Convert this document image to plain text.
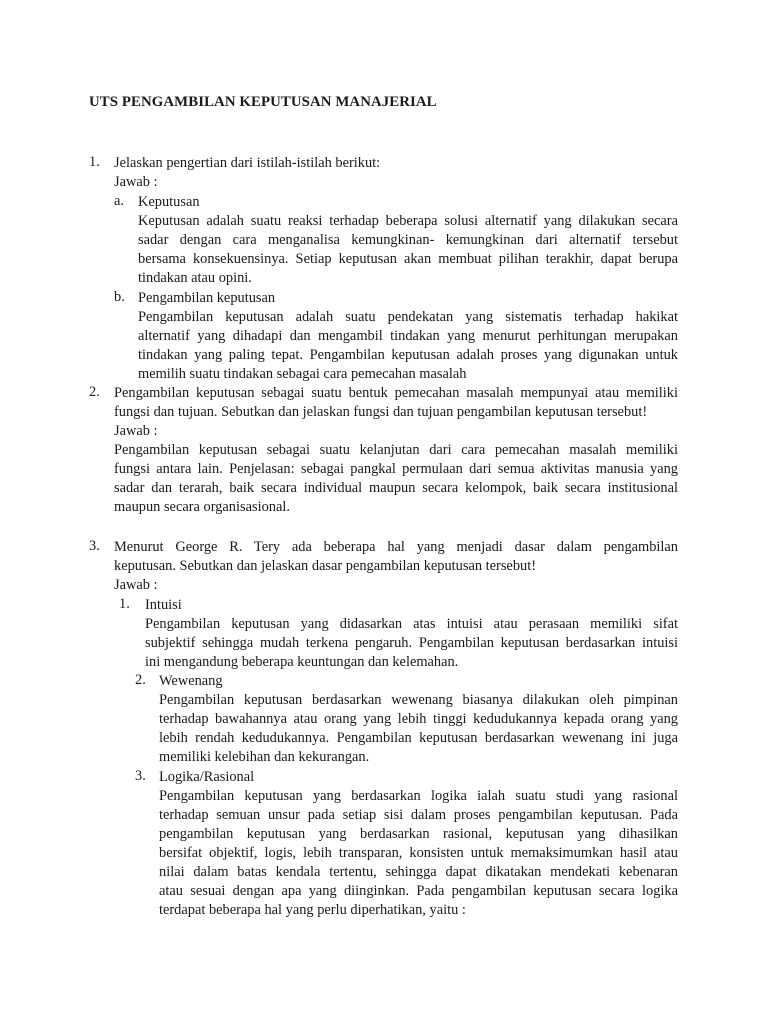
UTS PENGAMBILAN KEPUTUSAN MANAJERIAL
1. Jelaskan pengertian dari istilah-istilah berikut:
Jawab :
a. Keputusan
Keputusan adalah suatu reaksi terhadap beberapa solusi alternatif yang dilakukan secara
sadar dengan cara menganalisa kemungkinan- kemungkinan dari alternatif tersebut
bersama konsekuensinya. Setiap keputusan akan membuat pilihan terakhir, dapat berupa
tindakan atau opini.
b. Pengambilan keputusan
Pengambilan keputusan adalah suatu pendekatan yang sistematis terhadap hakikat
alternatif yang dihadapi dan mengambil tindakan yang menurut perhitungan merupakan
tindakan yang paling tepat. Pengambilan keputusan adalah proses yang digunakan untuk
memilih suatu tindakan sebagai cara pemecahan masalah
2. Pengambilan keputusan sebagai suatu bentuk pemecahan masalah mempunyai atau memiliki
fungsi dan tujuan. Sebutkan dan jelaskan fungsi dan tujuan pengambilan keputusan tersebut!
Jawab :
Pengambilan keputusan sebagai suatu kelanjutan dari cara pemecahan masalah memiliki
fungsi antara lain. Penjelasan: sebagai pangkal permulaan dari semua aktivitas manusia yang
sadar dan terarah, baik secara individual maupun secara kelompok, baik secara institusional
maupun secara organisasional.
3. Menurut George R. Tery ada beberapa hal yang menjadi dasar dalam pengambilan
keputusan. Sebutkan dan jelaskan dasar pengambilan keputusan tersebut!
Jawab :
1. Intuisi
Pengambilan keputusan yang didasarkan atas intuisi atau perasaan memiliki sifat
subjektif sehingga mudah terkena pengaruh. Pengambilan keputusan berdasarkan intuisi
ini mengandung beberapa keuntungan dan kelemahan.
2. Wewenang
Pengambilan keputusan berdasarkan wewenang biasanya dilakukan oleh pimpinan
terhadap bawahannya atau orang yang lebih tinggi kedudukannya kepada orang yang
lebih rendah kedudukannya. Pengambilan keputusan berdasarkan wewenang ini juga
memiliki kelebihan dan kekurangan.
3. Logika/Rasional
Pengambilan keputusan yang berdasarkan logika ialah suatu studi yang rasional
terhadap semuan unsur pada setiap sisi dalam proses pengambilan keputusan. Pada
pengambilan keputusan yang berdasarkan rasional, keputusan yang dihasilkan
bersifat objektif, logis, lebih transparan, konsisten untuk memaksimumkan hasil atau
nilai dalam batas kendala tertentu, sehingga dapat dikatakan mendekati kebenaran
atau sesuai dengan apa yang diinginkan. Pada pengambilan keputusan secara logika
terdapat beberapa hal yang perlu diperhatikan, yaitu :
